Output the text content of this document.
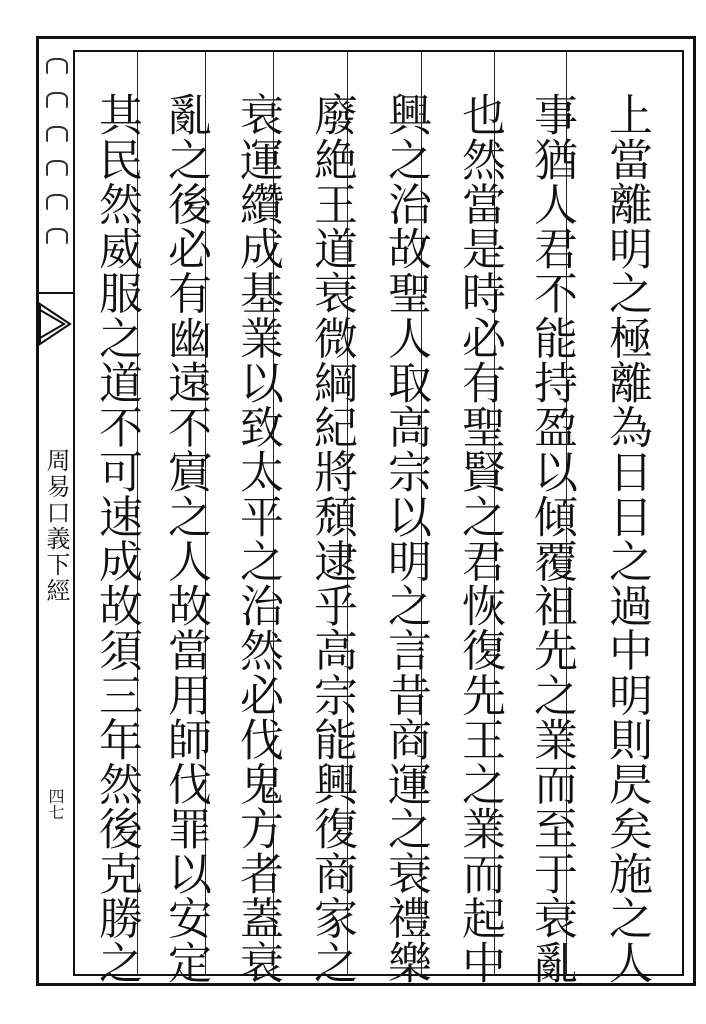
周易口義下經
四七	上當離明之極離為日日之過中明則昃矣施之人
事猶人君不能持盈以傾覆祖先之業而至于衰亂
也然當是時必有聖賢之君恢復先王之業而起中
興之治故聖人取高宗以明之言昔商運之衰禮樂
廢絶王道衰微綱紀將頹逮乎高宗能興復商家之
衰運纘成基業以致太平之治然必伐鬼方者蓋衰
亂之後必有幽遠不賔之人故當用師伐罪以安定
其民然威服之道不可速成故須三年然後克勝之
